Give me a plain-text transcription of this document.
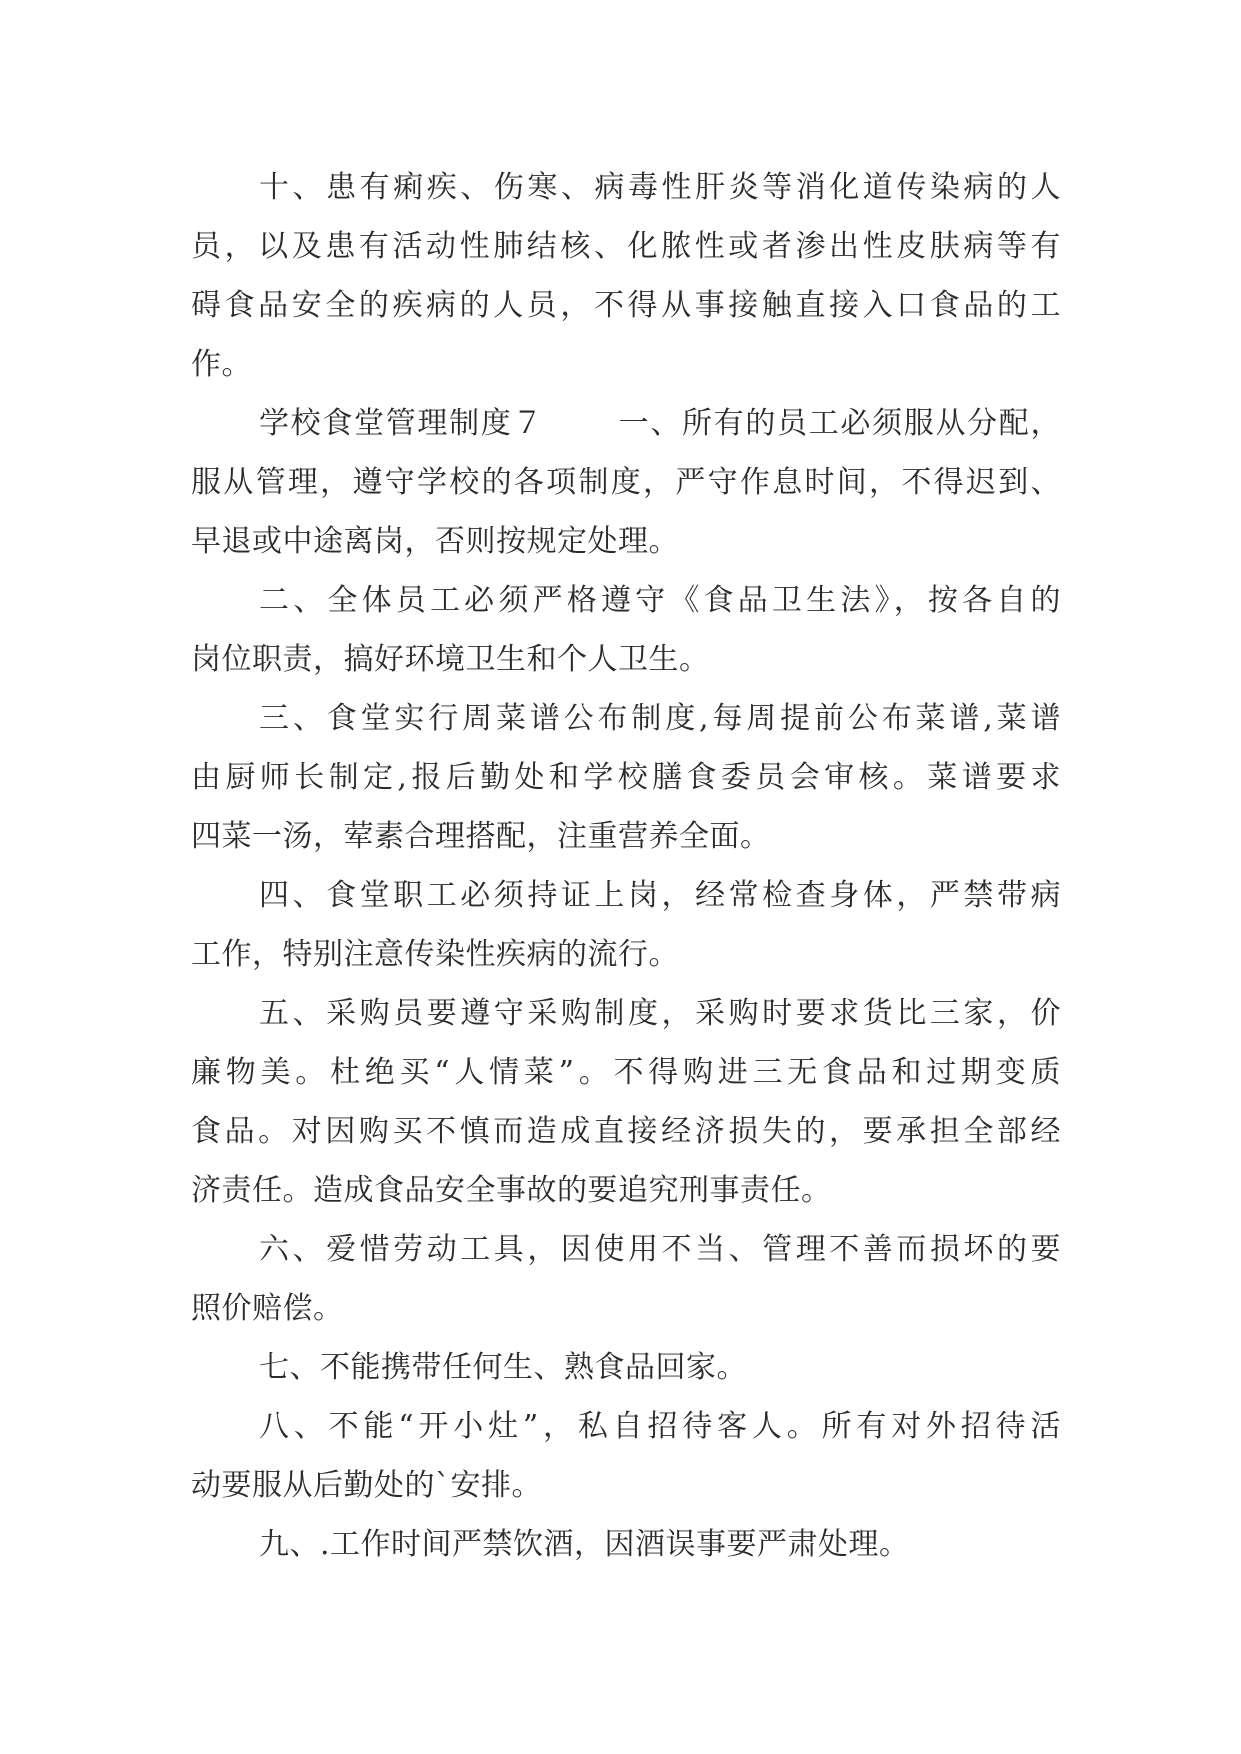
十、患有痢疾、伤寒、病毒性肝炎等消化道传染病的人
员，以及患有活动性肺结核、化脓性或者渗出性皮肤病等有
碍食品安全的疾病的人员，不得从事接触直接入口食品的工
作。
学校食堂管理制度７　　 一、所有的员工必须服从分配，
服从管理，遵守学校的各项制度，严守作息时间，不得迟到、
早退或中途离岗，否则按规定处理。
二、全体员工必须严格遵守《食品卫生法》，按各自的
岗位职责，搞好环境卫生和个人卫生。
三、食堂实行周菜谱公布制度,每周提前公布菜谱,菜谱
由厨师长制定,报后勤处和学校膳食委员会审核。菜谱要求
四菜一汤，荤素合理搭配，注重营养全面。
四、食堂职工必须持证上岗，经常检查身体，严禁带病
工作，特别注意传染性疾病的流行。
五、采购员要遵守采购制度，采购时要求货比三家，价
廉物美。杜绝买“人情菜”。不得购进三无食品和过期变质
食品。对因购买不慎而造成直接经济损失的，要承担全部经
济责任。造成食品安全事故的要追究刑事责任。
六、爱惜劳动工具，因使用不当、管理不善而损坏的要
照价赔偿。
七、不能携带任何生、熟食品回家。
八、不能“开小灶”，私自招待客人。所有对外招待活
动要服从后勤处的`安排。
九、.工作时间严禁饮酒，因酒误事要严肃处理。
